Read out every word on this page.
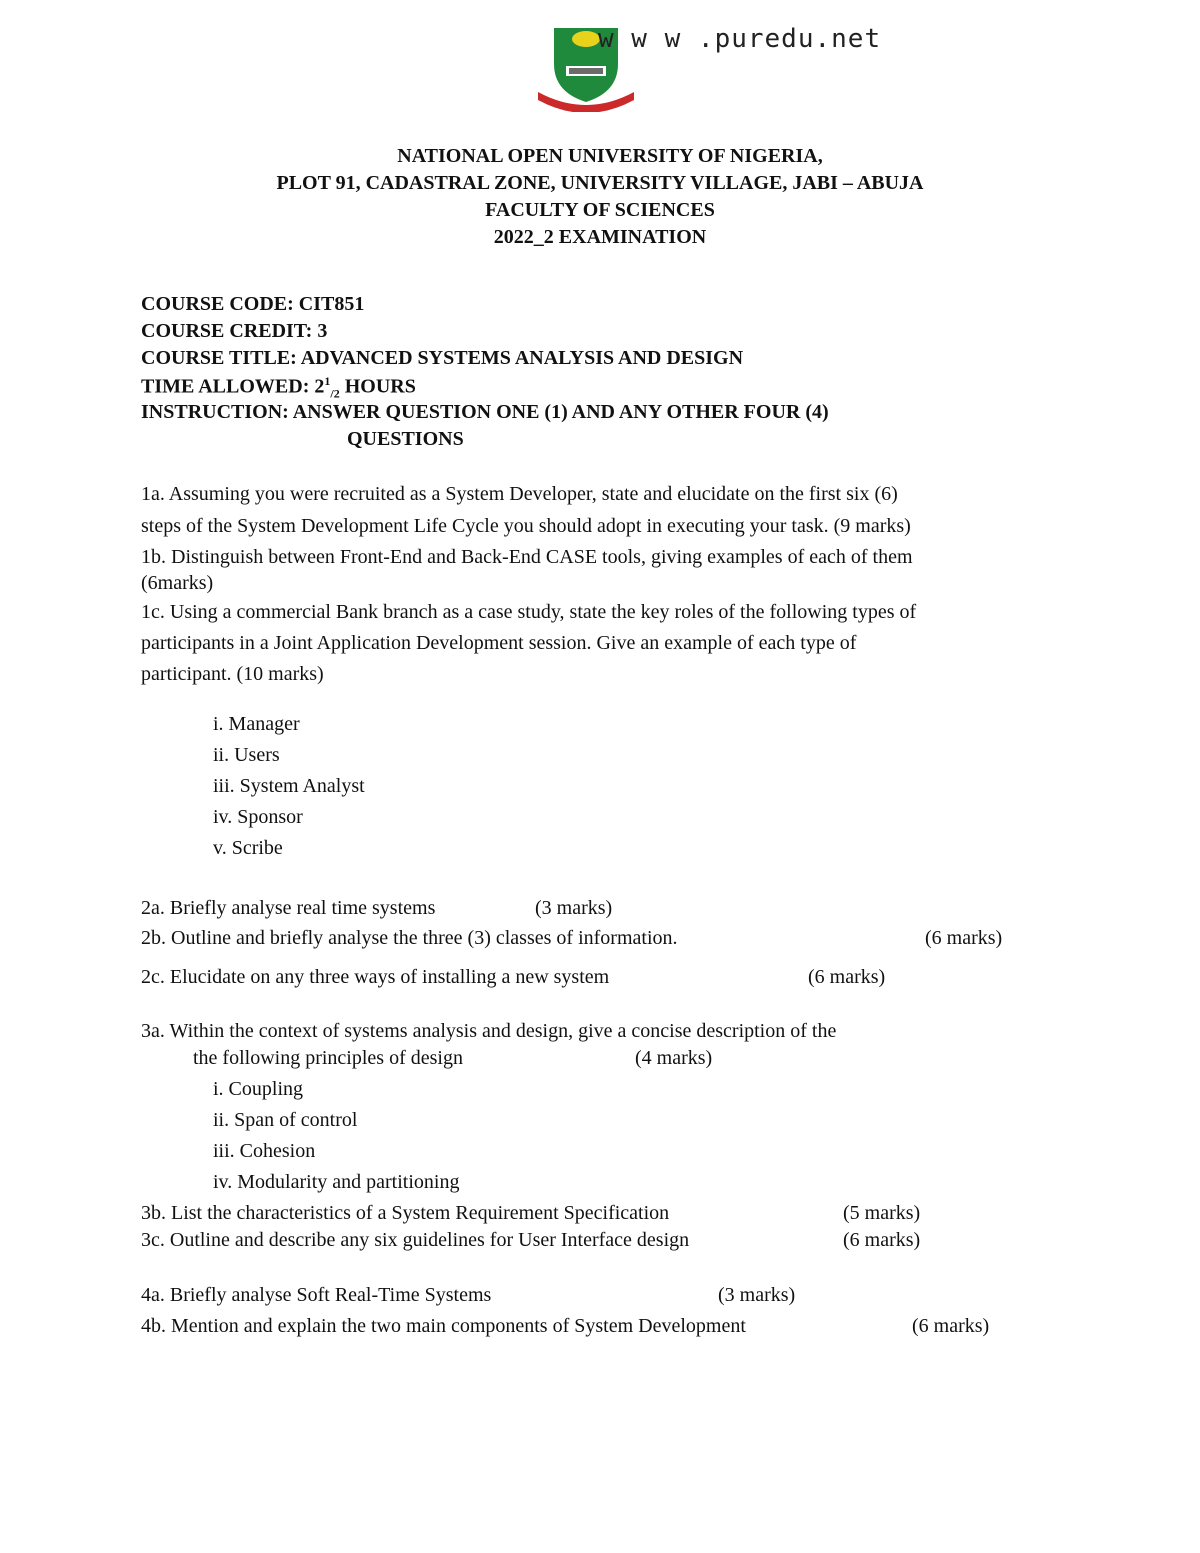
w w w .puredu.net
NATIONAL OPEN UNIVERSITY OF NIGERIA,
PLOT 91, CADASTRAL ZONE, UNIVERSITY VILLAGE, JABI – ABUJA
FACULTY OF SCIENCES
2022_2 EXAMINATION
COURSE CODE: CIT851
COURSE CREDIT: 3
COURSE TITLE: ADVANCED SYSTEMS ANALYSIS AND DESIGN
TIME ALLOWED: $2^1_{/2}$ HOURS
INSTRUCTION: ANSWER QUESTION ONE (1) AND ANY OTHER FOUR (4)
QUESTIONS
1a. Assuming you were recruited as a System Developer, state and elucidate on the first six (6)
steps of the System Development Life Cycle you should adopt in executing your task. (9 marks)
1b. Distinguish between Front-End and Back-End CASE tools, giving examples of each of them
(6marks)
1c. Using a commercial Bank branch as a case study, state the key roles of the following types of
participants in a Joint Application Development session. Give an example of each type of
participant. (10 marks)
i. Manager
ii. Users
iii. System Analyst
iv. Sponsor
v. Scribe
2a. Briefly analyse real time systems	(3 marks)
2b. Outline and briefly analyse the three (3) classes of information.	(6 marks)
2c. Elucidate on any three ways of installing a new system	(6 marks)
3a. Within the context of systems analysis and design, give a concise description of the
the following principles of design	(4 marks)
i. Coupling
ii. Span of control
iii. Cohesion
iv. Modularity and partitioning
3b. List the characteristics of a System Requirement Specification	(5 marks)
3c. Outline and describe any six guidelines for User Interface design	(6 marks)
4a. Briefly analyse Soft Real-Time Systems	(3 marks)
4b. Mention and explain the two main components of System Development	(6 marks)
